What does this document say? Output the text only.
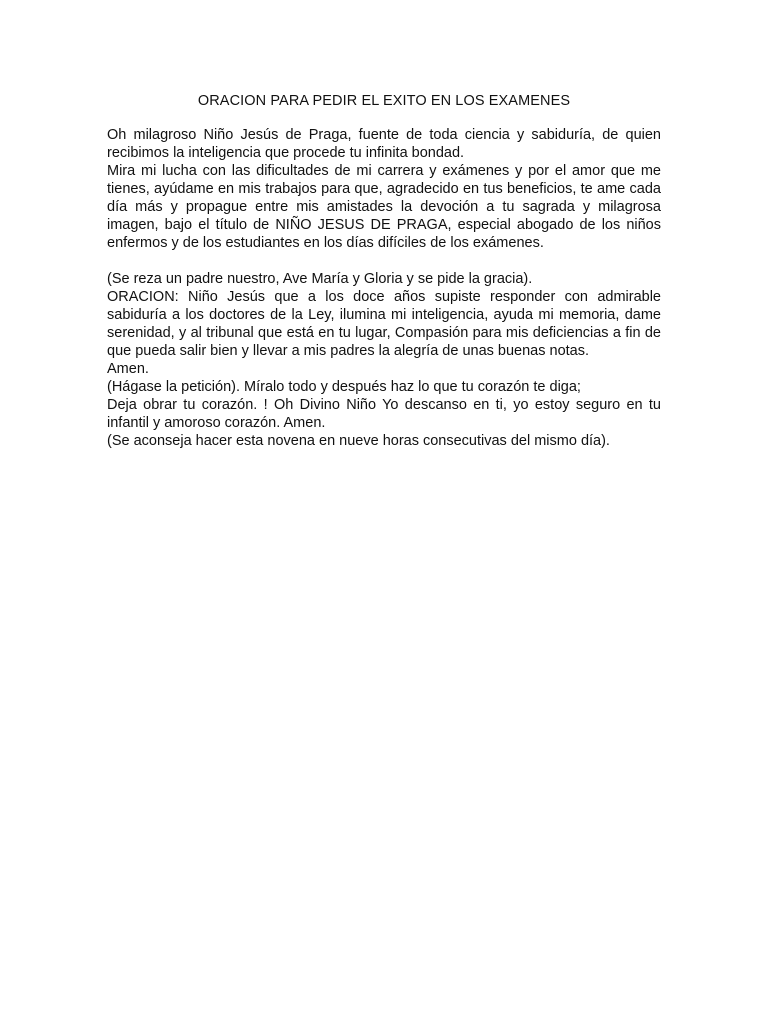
ORACION PARA PEDIR EL EXITO EN LOS EXAMENES

Oh milagroso Niño Jesús de Praga, fuente de toda ciencia y sabiduría, de quien recibimos la inteligencia que procede tu infinita bondad.

Mira mi lucha con las dificultades de mi carrera y exámenes y por el amor que me tienes, ayúdame en mis trabajos para que, agradecido en tus beneficios, te ame cada día más y propague entre mis amistades la devoción a tu sagrada y milagrosa imagen, bajo el título de NIÑO JESUS DE PRAGA, especial abogado de los niños enfermos y de los estudiantes en los días difíciles de los exámenes.

(Se reza un padre nuestro, Ave María y Gloria y se pide la gracia).

ORACION: Niño Jesús que a los doce años supiste responder con admirable sabiduría a los doctores de la Ley, ilumina mi inteligencia, ayuda mi memoria, dame serenidad, y al tribunal que está en tu lugar, Compasión para mis deficiencias a fin de que pueda salir bien y llevar a mis padres la alegría de unas buenas notas.

Amen.

(Hágase la petición). Míralo todo y después haz lo que tu corazón te diga;

Deja obrar tu corazón. ! Oh Divino Niño Yo descanso en ti, yo estoy seguro en tu infantil y amoroso corazón. Amen.

(Se aconseja hacer esta novena en nueve horas consecutivas del mismo día).
